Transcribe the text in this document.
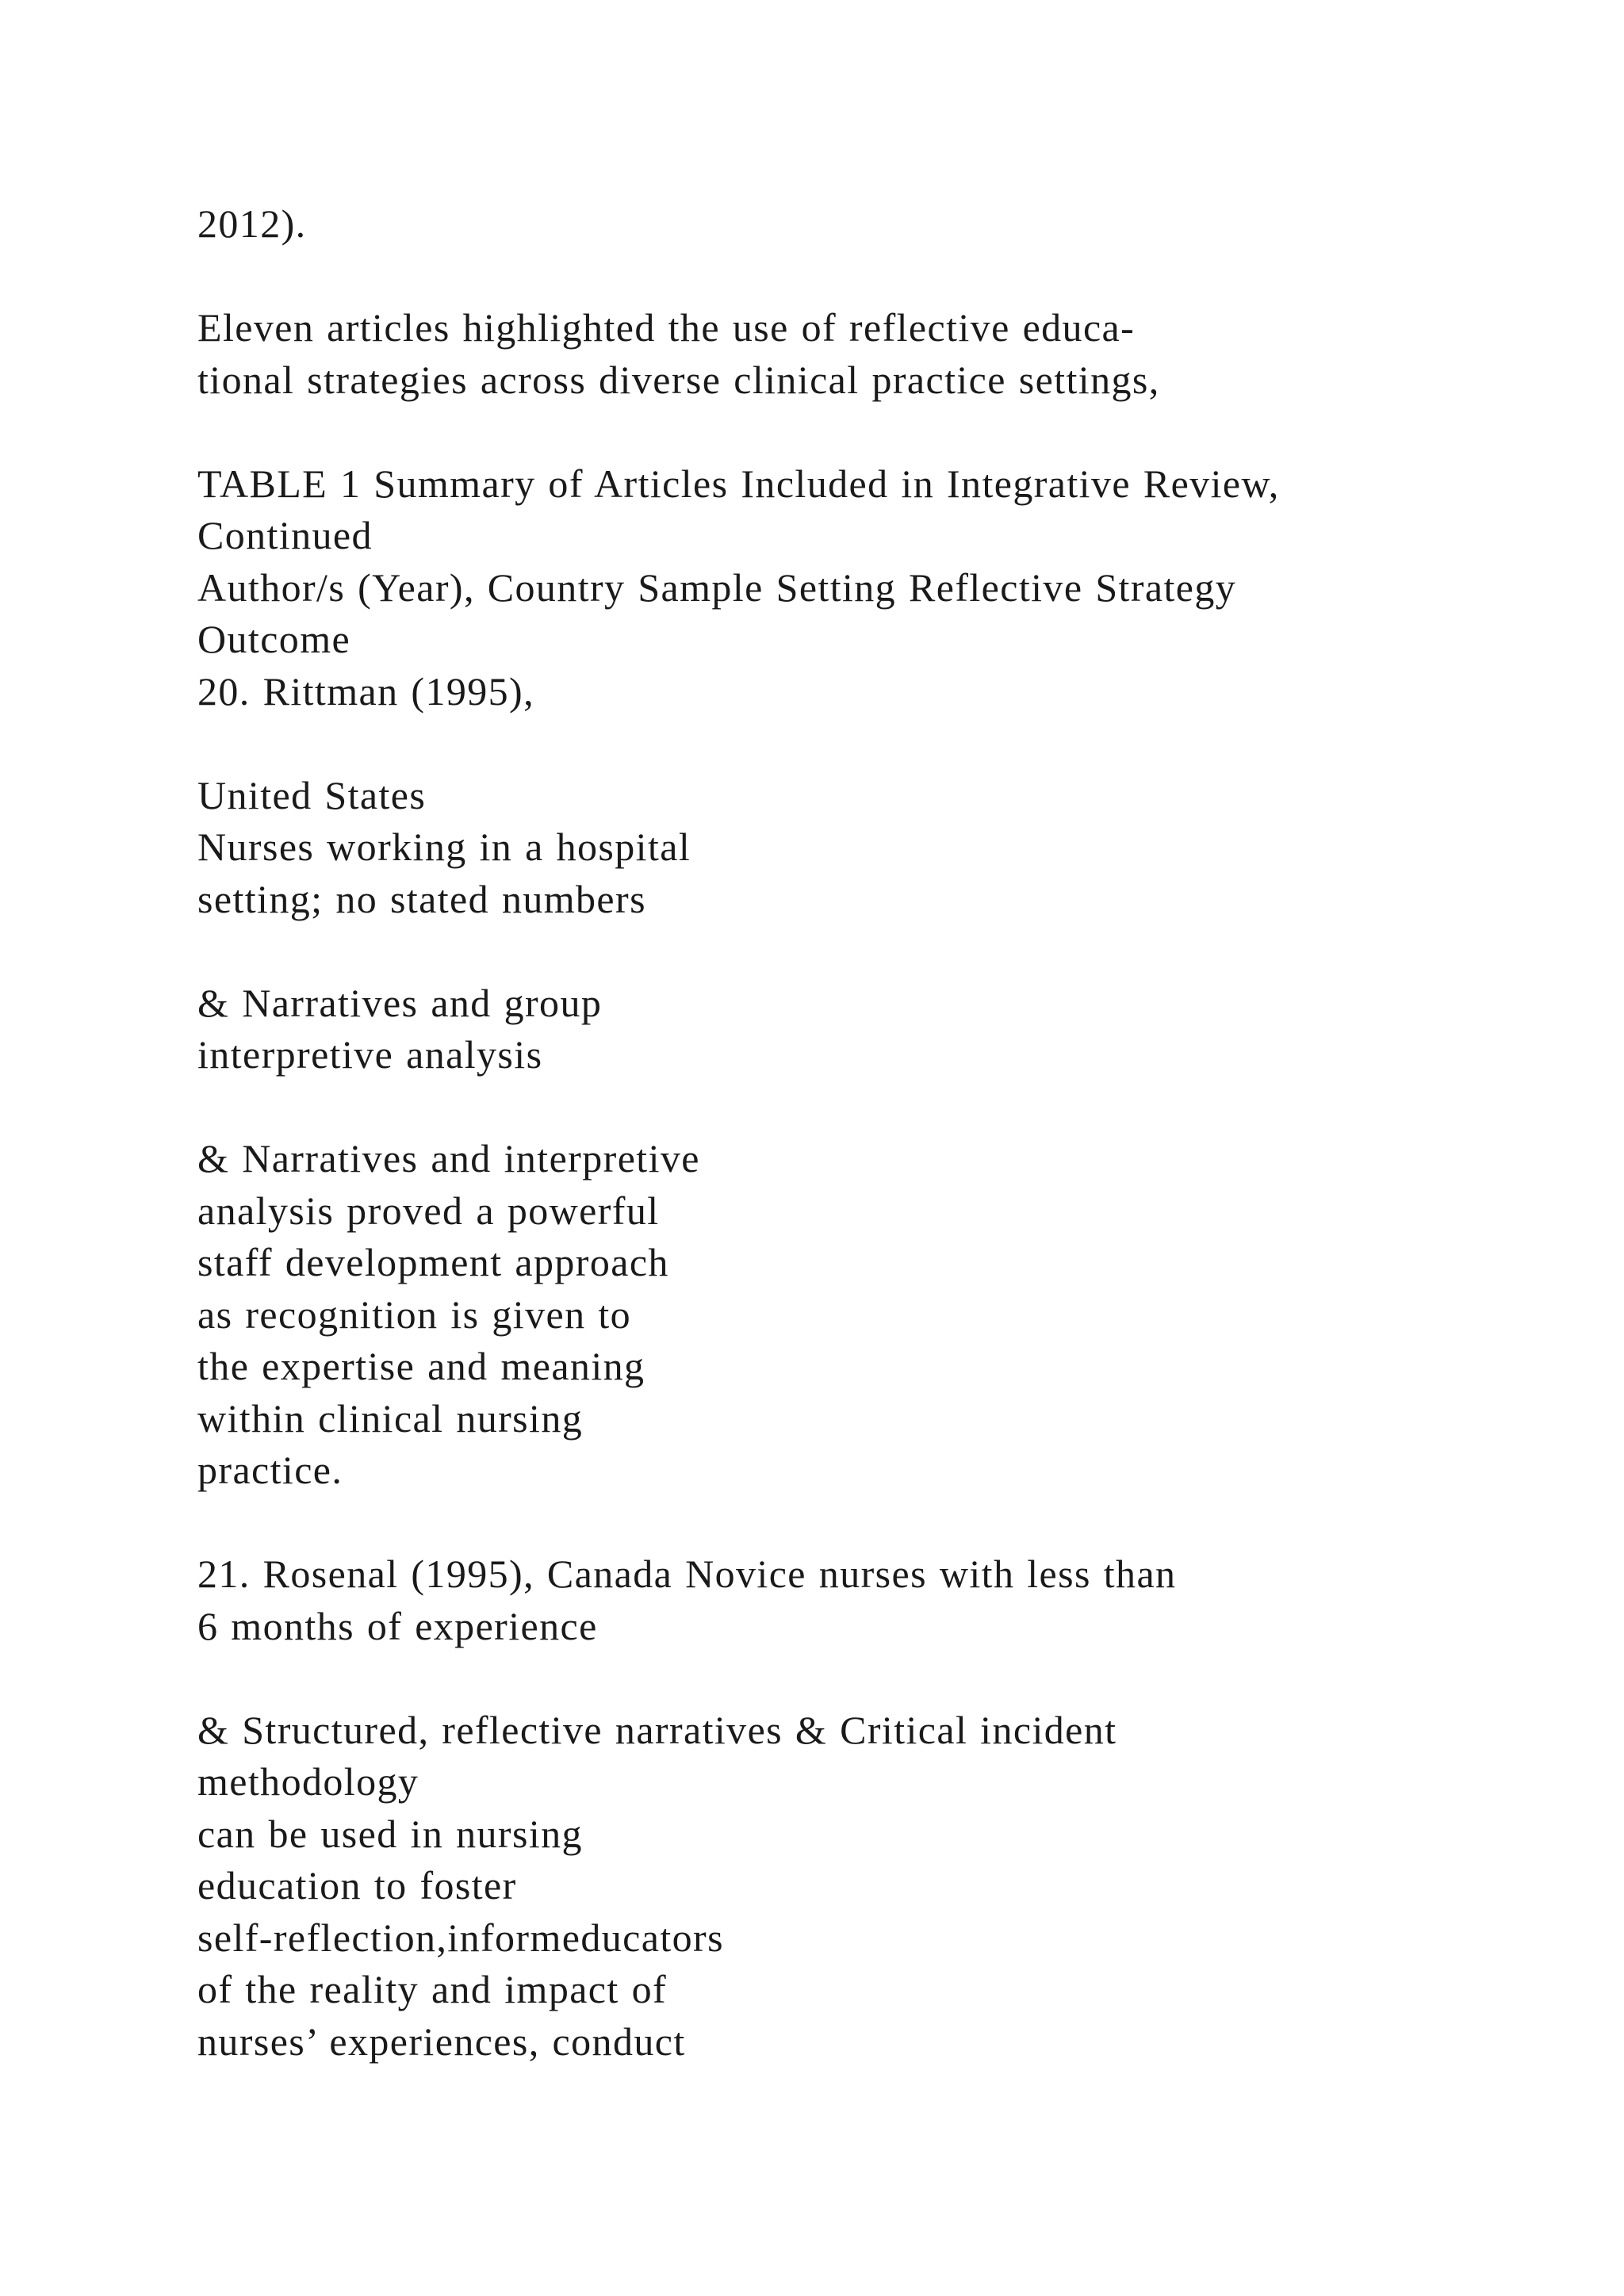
2012).
Eleven articles highlighted the use of reflective educa-
tional strategies across diverse clinical practice settings,
TABLE 1 Summary of Articles Included in Integrative Review,
Continued
Author/s (Year), Country Sample Setting Reflective Strategy
Outcome
20. Rittman (1995),
United States
Nurses working in a hospital
setting; no stated numbers
& Narratives and group
interpretive analysis
& Narratives and interpretive
analysis proved a powerful
staff development approach
as recognition is given to
the expertise and meaning
within clinical nursing
practice.
21. Rosenal (1995), Canada Novice nurses with less than
6 months of experience
& Structured, reflective narratives & Critical incident
methodology
can be used in nursing
education to foster
self-reflection,informeducators
of the reality and impact of
nurses’ experiences, conduct
